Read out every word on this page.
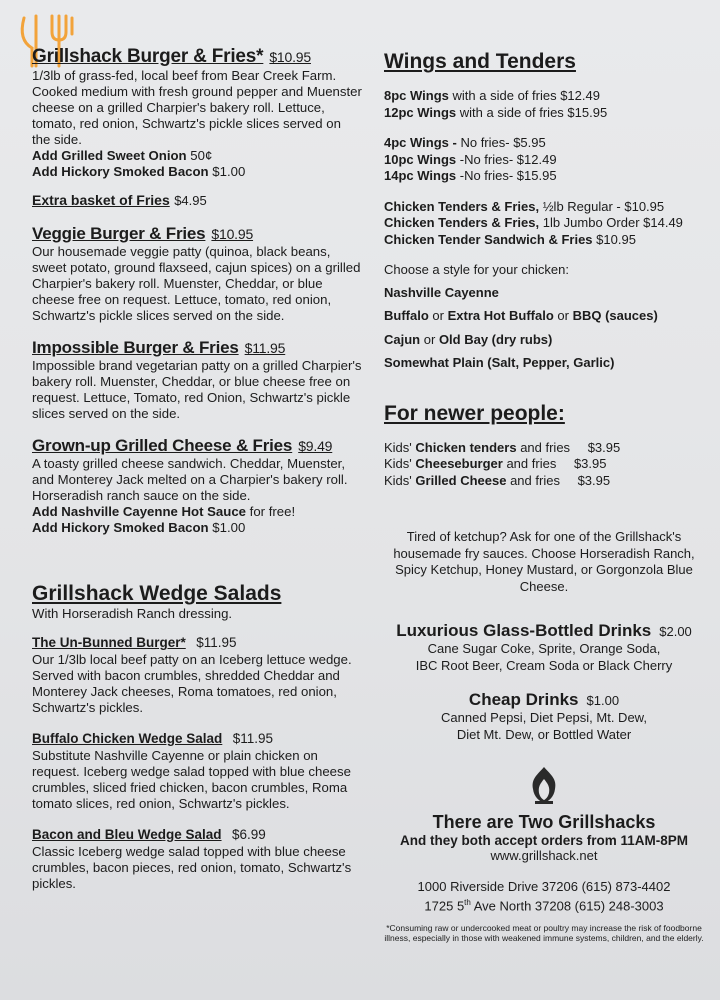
Grillshack Burger & Fries* $10.95
1/3lb of grass-fed, local beef from Bear Creek Farm. Cooked medium with fresh ground pepper and Muenster cheese on a grilled Charpier's bakery roll. Lettuce, tomato, red onion, Schwartz's pickle slices served on the side.
Add Grilled Sweet Onion 50¢
Add Hickory Smoked Bacon $1.00
Extra basket of Fries $4.95
Veggie Burger & Fries $10.95
Our housemade veggie patty (quinoa, black beans, sweet potato, ground flaxseed, cajun spices) on a grilled Charpier's bakery roll. Muenster, Cheddar, or blue cheese free on request. Lettuce, tomato, red onion, Schwartz's pickle slices served on the side.
Impossible Burger & Fries $11.95
Impossible brand vegetarian patty on a grilled Charpier's bakery roll. Muenster, Cheddar, or blue cheese free on request. Lettuce, Tomato, red Onion, Schwartz's pickle slices served on the side.
Grown-up Grilled Cheese & Fries $9.49
A toasty grilled cheese sandwich. Cheddar, Muenster, and Monterey Jack melted on a Charpier's bakery roll. Horseradish ranch sauce on the side.
Add Nashville Cayenne Hot Sauce for free!
Add Hickory Smoked Bacon $1.00
Grillshack Wedge Salads
With Horseradish Ranch dressing.
The Un-Bunned Burger* $11.95
Our 1/3lb local beef patty on an Iceberg lettuce wedge. Served with bacon crumbles, shredded Cheddar and Monterey Jack cheeses, Roma tomatoes, red onion, Schwartz's pickles.
Buffalo Chicken Wedge Salad $11.95
Substitute Nashville Cayenne or plain chicken on request. Iceberg wedge salad topped with blue cheese crumbles, sliced fried chicken, bacon crumbles, Roma tomato slices, red onion, Schwartz's pickles.
Bacon and Bleu Wedge Salad $6.99
Classic Iceberg wedge salad topped with blue cheese crumbles, bacon pieces, red onion, tomato, Schwartz's pickles.
Wings and Tenders
8pc Wings with a side of fries $12.49
12pc Wings with a side of fries $15.95
4pc Wings - No fries- $5.95
10pc Wings -No fries- $12.49
14pc Wings -No fries- $15.95
Chicken Tenders & Fries, ½lb Regular - $10.95
Chicken Tenders & Fries, 1lb Jumbo Order $14.49
Chicken Tender Sandwich & Fries $10.95
Choose a style for your chicken:
Nashville Cayenne
Buffalo or Extra Hot Buffalo or BBQ (sauces)
Cajun or Old Bay (dry rubs)
Somewhat Plain (Salt, Pepper, Garlic)
For newer people:
Kids' Chicken tenders and fries $3.95
Kids' Cheeseburger and fries $3.95
Kids' Grilled Cheese and fries $3.95
Tired of ketchup? Ask for one of the Grillshack's housemade fry sauces. Choose Horseradish Ranch, Spicy Ketchup, Honey Mustard, or Gorgonzola Blue Cheese.
Luxurious Glass-Bottled Drinks $2.00
Cane Sugar Coke, Sprite, Orange Soda,
IBC Root Beer, Cream Soda or Black Cherry
Cheap Drinks $1.00
Canned Pepsi, Diet Pepsi, Mt. Dew,
Diet Mt. Dew, or Bottled Water
There are Two Grillshacks
And they both accept orders from 11AM-8PM
www.grillshack.net
1000 Riverside Drive 37206 (615) 873-4402
1725 5th Ave North 37208 (615) 248-3003
*Consuming raw or undercooked meat or poultry may increase the risk of foodborne illness, especially in those with weakened immune systems, children, and the elderly.
